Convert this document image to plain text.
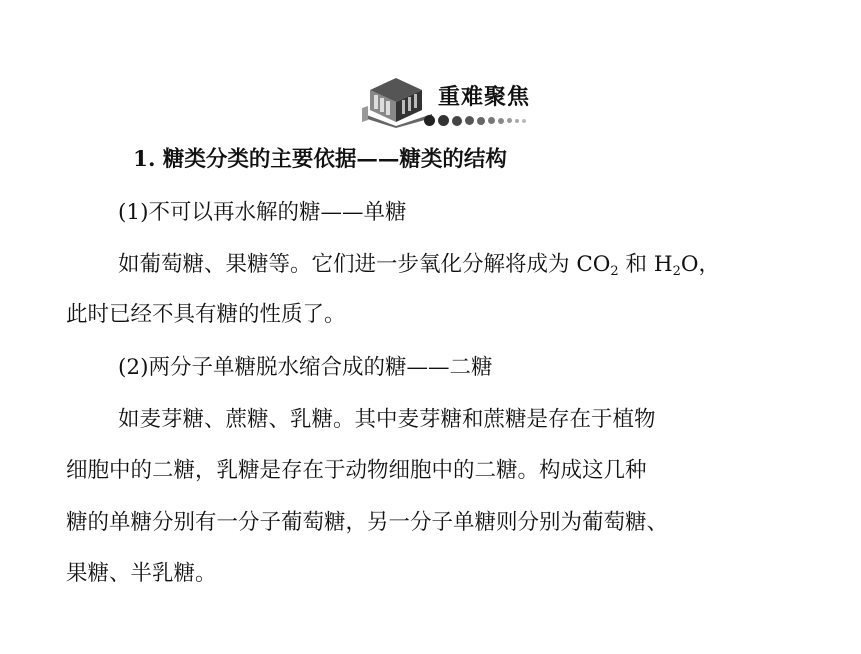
重难聚焦
1. 糖类分类的主要依据——糖类的结构
(1)不可以再水解的糖——单糖
如葡萄糖、果糖等。它们进一步氧化分解将成为 $CO_2$ 和 $H_2O$，
此时已经不具有糖的性质了。
(2)两分子单糖脱水缩合成的糖——二糖
如麦芽糖、蔗糖、乳糖。其中麦芽糖和蔗糖是存在于植物
细胞中的二糖，乳糖是存在于动物细胞中的二糖。构成这几种
糖的单糖分别有一分子葡萄糖，另一分子单糖则分别为葡萄糖、
果糖、半乳糖。
